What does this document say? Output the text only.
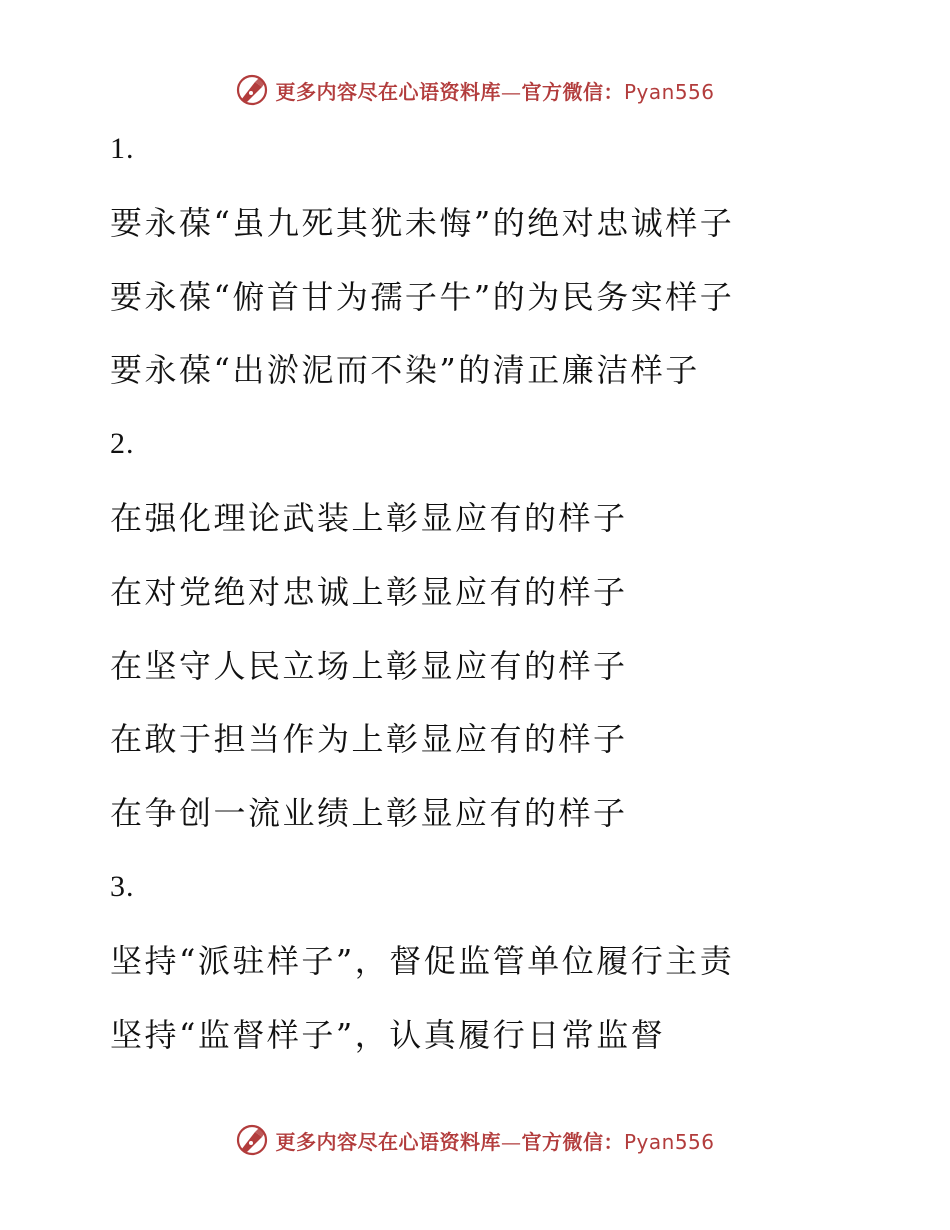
更多内容尽在心语资料库—官方微信：Pyan556
1.
要永葆“虽九死其犹未悔”的绝对忠诚样子
要永葆“俯首甘为孺子牛”的为民务实样子
要永葆“出淤泥而不染”的清正廉洁样子
2.
在强化理论武装上彰显应有的样子
在对党绝对忠诚上彰显应有的样子
在坚守人民立场上彰显应有的样子
在敢于担当作为上彰显应有的样子
在争创一流业绩上彰显应有的样子
3.
坚持“派驻样子”，督促监管单位履行主责
坚持“监督样子”，认真履行日常监督
更多内容尽在心语资料库—官方微信：Pyan556
